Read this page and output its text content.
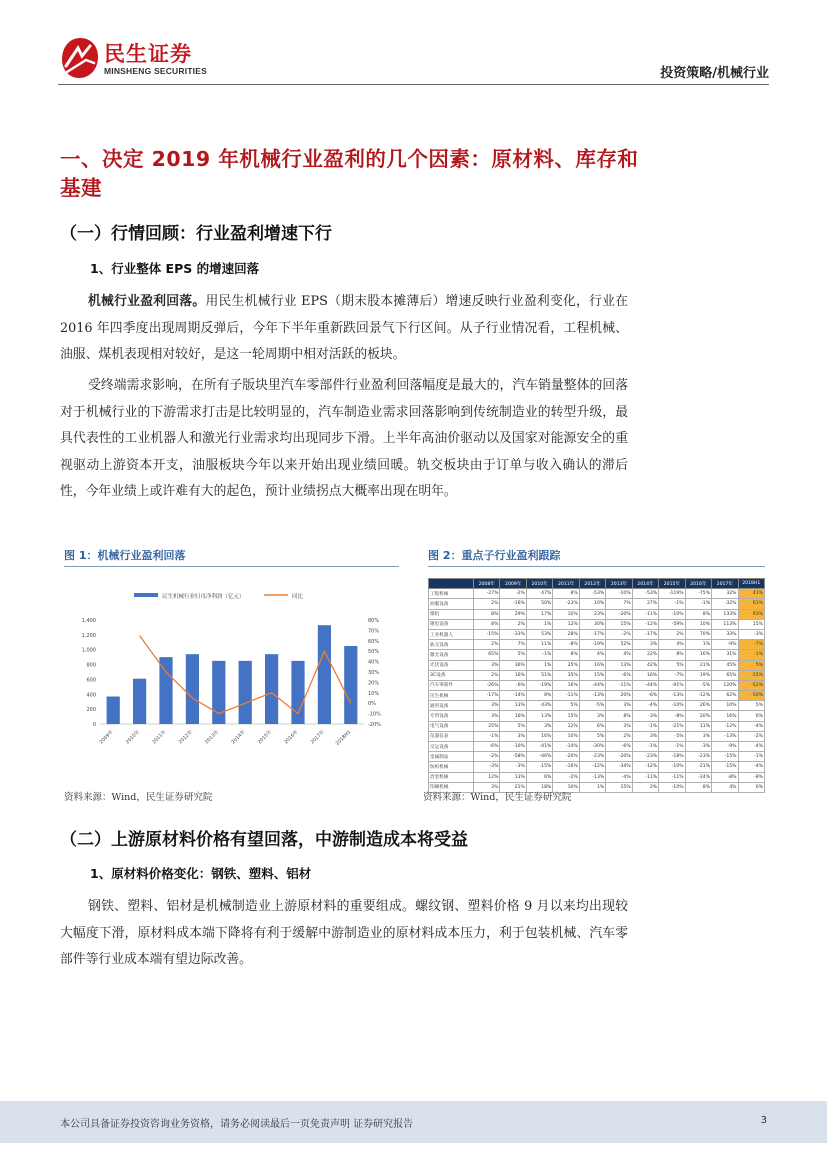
民生证券
MINSHENG SECURITIES	投资策略/机械行业
一、决定 2019 年机械行业盈利的几个因素：原材料、库存和基建
（一）行情回顾：行业盈利增速下行
1、行业整体 EPS 的增速回落
机械行业盈利回落。用民生机械行业 EPS（期末股本摊薄后）增速反映行业盈利变化，行业在 2016 年四季度出现周期反弹后，今年下半年重新跌回景气下行区间。从子行业情况看，工程机械、油服、煤机表现相对较好，是这一轮周期中相对活跃的板块。
受终端需求影响，在所有子版块里汽车零部件行业盈利回落幅度是最大的，汽车销量整体的回落对于机械行业的下游需求打击是比较明显的，汽车制造业需求回落影响到传统制造业的转型升级，最具代表性的工业机器人和激光行业需求均出现同步下滑。上半年高油价驱动以及国家对能源安全的重视驱动上游资本开支，油服板块今年以来开始出现业绩回暖。轨交板块由于订单与收入确认的滞后性，今年业绩上或许难有大的起色，预计业绩拐点大概率出现在明年。
图 1：机械行业盈利回落
民生机械行业归母净利润（亿元）	同比
0
200
400
600
800
1,000
1,200
1,400
-20%
-10%
0%
10%
20%
30%
40%
50%
60%
70%
80%
2009年 2010年 2011年 2012年 2013年 2014年 2015年 2016年 2017年 2018H1
资料来源：Wind，民生证券研究院
图 2：重点子行业盈利跟踪
	2008年	2009年	2010年	2011年	2012年	2013年	2014年	2015年	2016年	2017年	2018H1
工程机械	-27%	-2%	47%	8%	-53%	-10%	-53%	-119%	-75%	32%	41%
油服设备	2%	-16%	50%	-23%	10%	7%	27%	-1%	-1%	-32%	61%
煤机	8%	29%	17%	10%	23%	-20%	-11%	-10%	8%	133%	93%
锂电设备	8%	2%	1%	12%	30%	15%	-12%	-59%	10%	113%	15%
工业机器人	-15%	-33%	53%	28%	-17%	-2%	-17%	2%	70%	33%	-3%
轨交设备	2%	7%	11%	-8%	-19%	52%	3%	4%	1%	-9%	-7%
激光设备	65%	5%	-1%	8%	4%	4%	22%	8%	16%	31%	-1%
光伏设备	3%	36%	1%	25%	16%	13%	42%	5%	21%	45%	5%
3C设备	2%	16%	51%	35%	15%	-6%	16%	-7%	19%	65%	-15%
汽车零部件	-26%	-6%	-19%	16%	-44%	-11%	-44%	-91%	-5%	120%	-52%
民生机械	-17%	-14%	8%	-11%	-13%	20%	-6%	-13%	-12%	62%	-50%
通用设备	3%	13%	43%	5%	-5%	3%	-4%	-10%	26%	10%	5%
专用设备	3%	16%	13%	15%	3%	8%	-3%	-8%	20%	16%	6%
电气设备	25%	5%	3%	12%	6%	3%	-1%	-21%	11%	-12%	-4%
仪器仪表	-1%	3%	16%	10%	5%	2%	3%	-5%	3%	-13%	-2%
交运设备	-6%	-10%	-41%	-14%	-30%	-6%	-1%	-1%	-3%	-9%	-4%
金属制品	-2%	-58%	-46%	-20%	-23%	-20%	-23%	-18%	-23%	-15%	-1%
纺织机械	-3%	-3%	-15%	-16%	-12%	-34%	-12%	-10%	-21%	-15%	-4%
冶金机械	12%	13%	6%	-2%	-13%	-4%	-11%	-11%	-24%	-8%	-8%
印刷机械	3%	21%	18%	10%	1%	15%	2%	-10%	8%	4%	6%
资料来源：Wind，民生证券研究院
（二）上游原材料价格有望回落，中游制造成本将受益
1、原材料价格变化：钢铁、塑料、铝材
钢铁、塑料、铝材是机械制造业上游原材料的重要组成。螺纹钢、塑料价格 9 月以来均出现较大幅度下滑，原材料成本端下降将有利于缓解中游制造业的原材料成本压力，利于包装机械、汽车零部件等行业成本端有望边际改善。
本公司具备证券投资咨询业务资格，请务必阅读最后一页免责声明 证券研究报告	3
